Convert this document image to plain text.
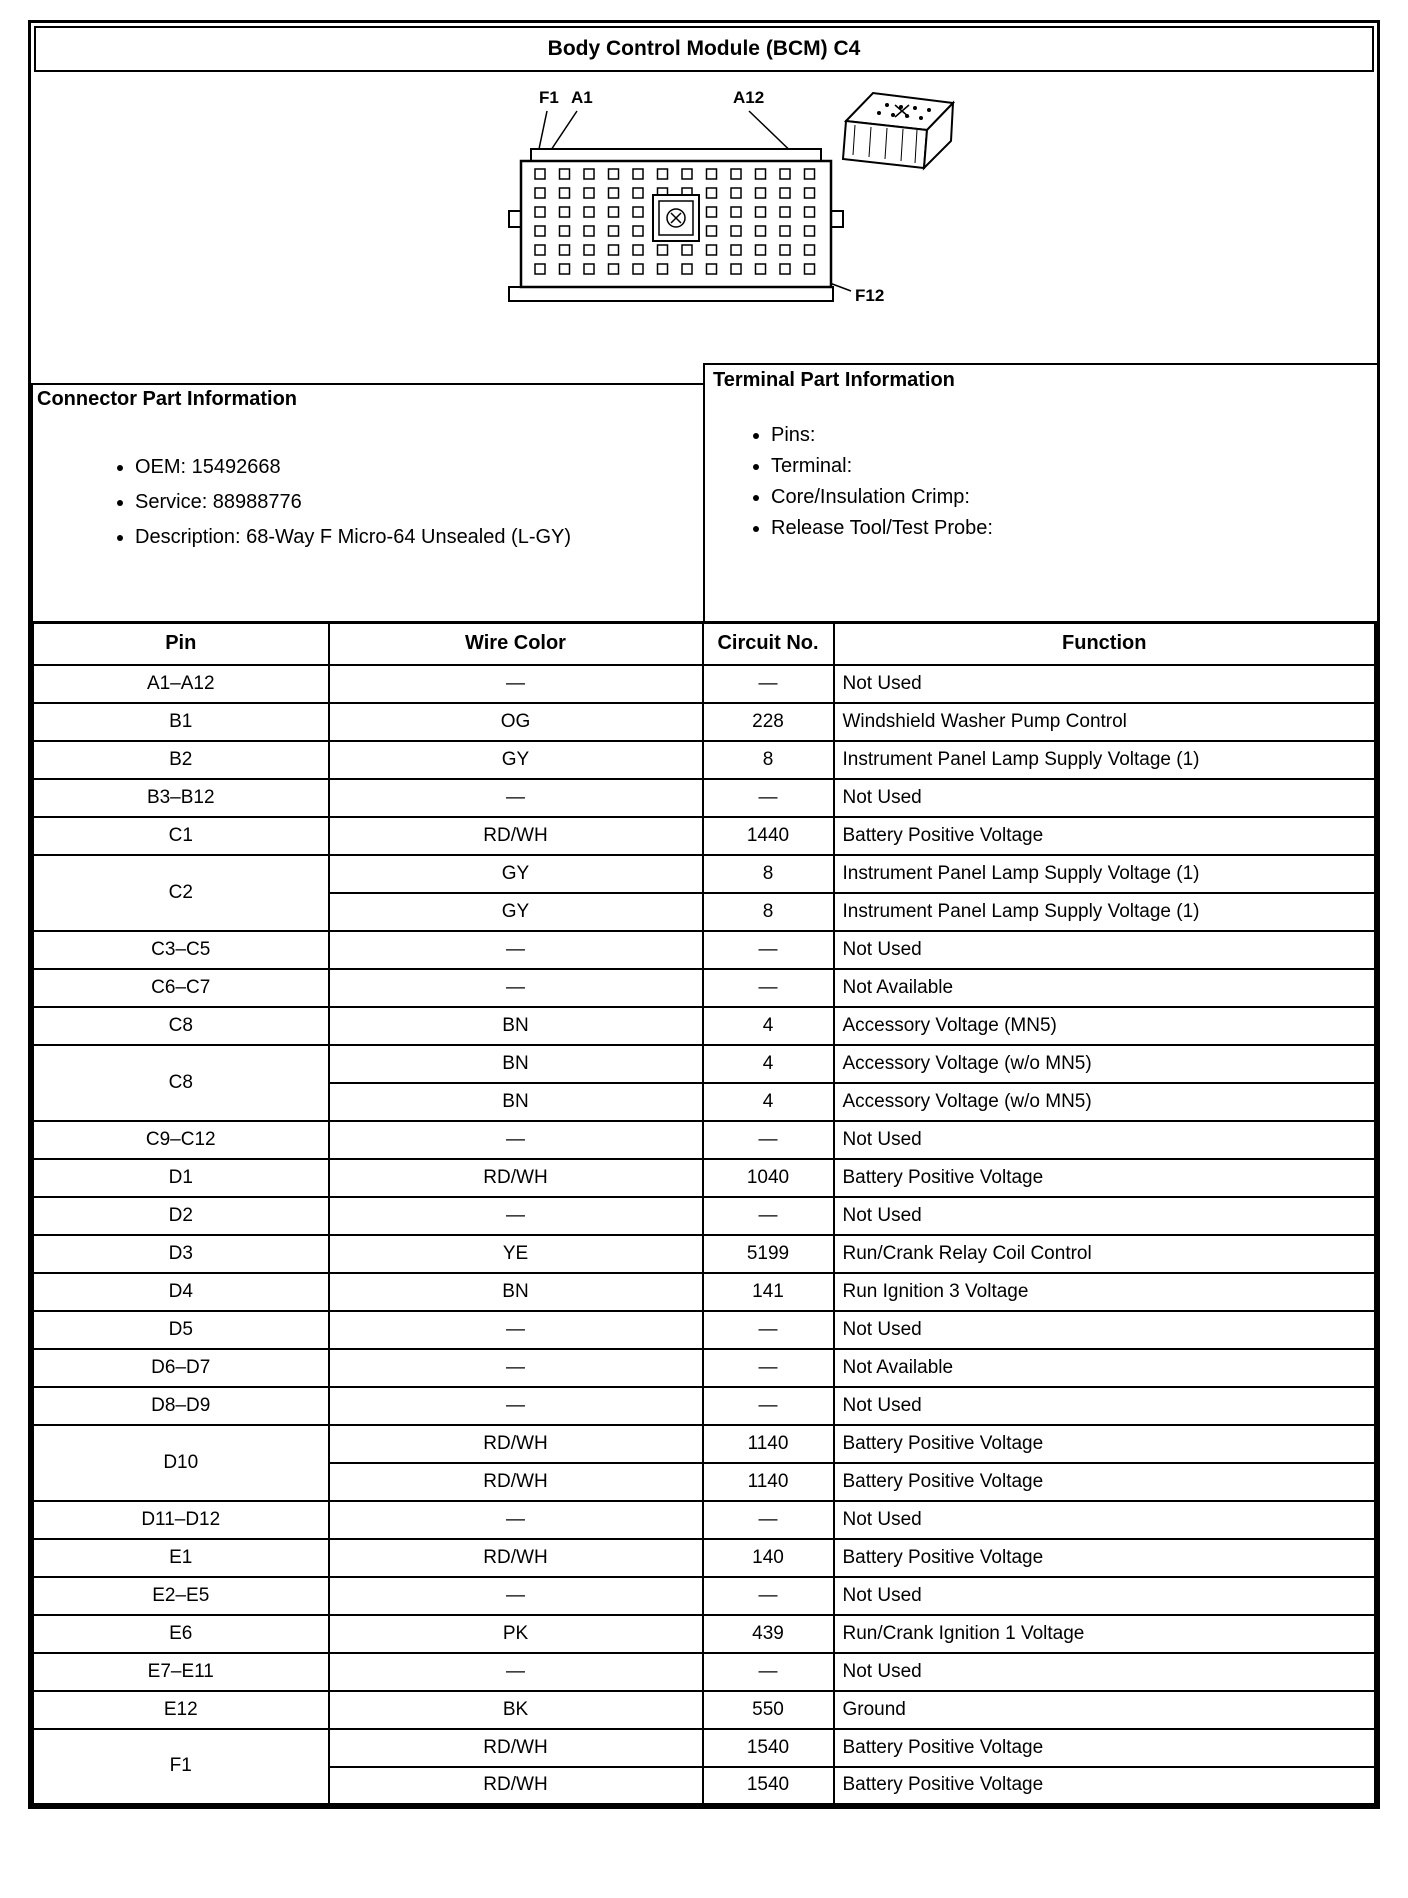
Body Control Module (BCM) C4
F1 A1	A12
F12
Connector Part Information
• OEM: 15492668
• Service: 88988776
• Description: 68-Way F Micro-64 Unsealed (L-GY)
Terminal Part Information
• Pins:
• Terminal:
• Core/Insulation Crimp:
• Release Tool/Test Probe:
Pin	Wire Color	Circuit No.	Function
A1–A12	—	—	Not Used
B1	OG	228	Windshield Washer Pump Control
B2	GY	8	Instrument Panel Lamp Supply Voltage (1)
B3–B12	—	—	Not Used
C1	RD/WH	1440	Battery Positive Voltage
C2	GY	8	Instrument Panel Lamp Supply Voltage (1)
	GY	8	Instrument Panel Lamp Supply Voltage (1)
C3–C5	—	—	Not Used
C6–C7	—	—	Not Available
C8	BN	4	Accessory Voltage (MN5)
C8	BN	4	Accessory Voltage (w/o MN5)
	BN	4	Accessory Voltage (w/o MN5)
C9–C12	—	—	Not Used
D1	RD/WH	1040	Battery Positive Voltage
D2	—	—	Not Used
D3	YE	5199	Run/Crank Relay Coil Control
D4	BN	141	Run Ignition 3 Voltage
D5	—	—	Not Used
D6–D7	—	—	Not Available
D8–D9	—	—	Not Used
D10	RD/WH	1140	Battery Positive Voltage
	RD/WH	1140	Battery Positive Voltage
D11–D12	—	—	Not Used
E1	RD/WH	140	Battery Positive Voltage
E2–E5	—	—	Not Used
E6	PK	439	Run/Crank Ignition 1 Voltage
E7–E11	—	—	Not Used
E12	BK	550	Ground
F1	RD/WH	1540	Battery Positive Voltage
	RD/WH	1540	Battery Positive Voltage
